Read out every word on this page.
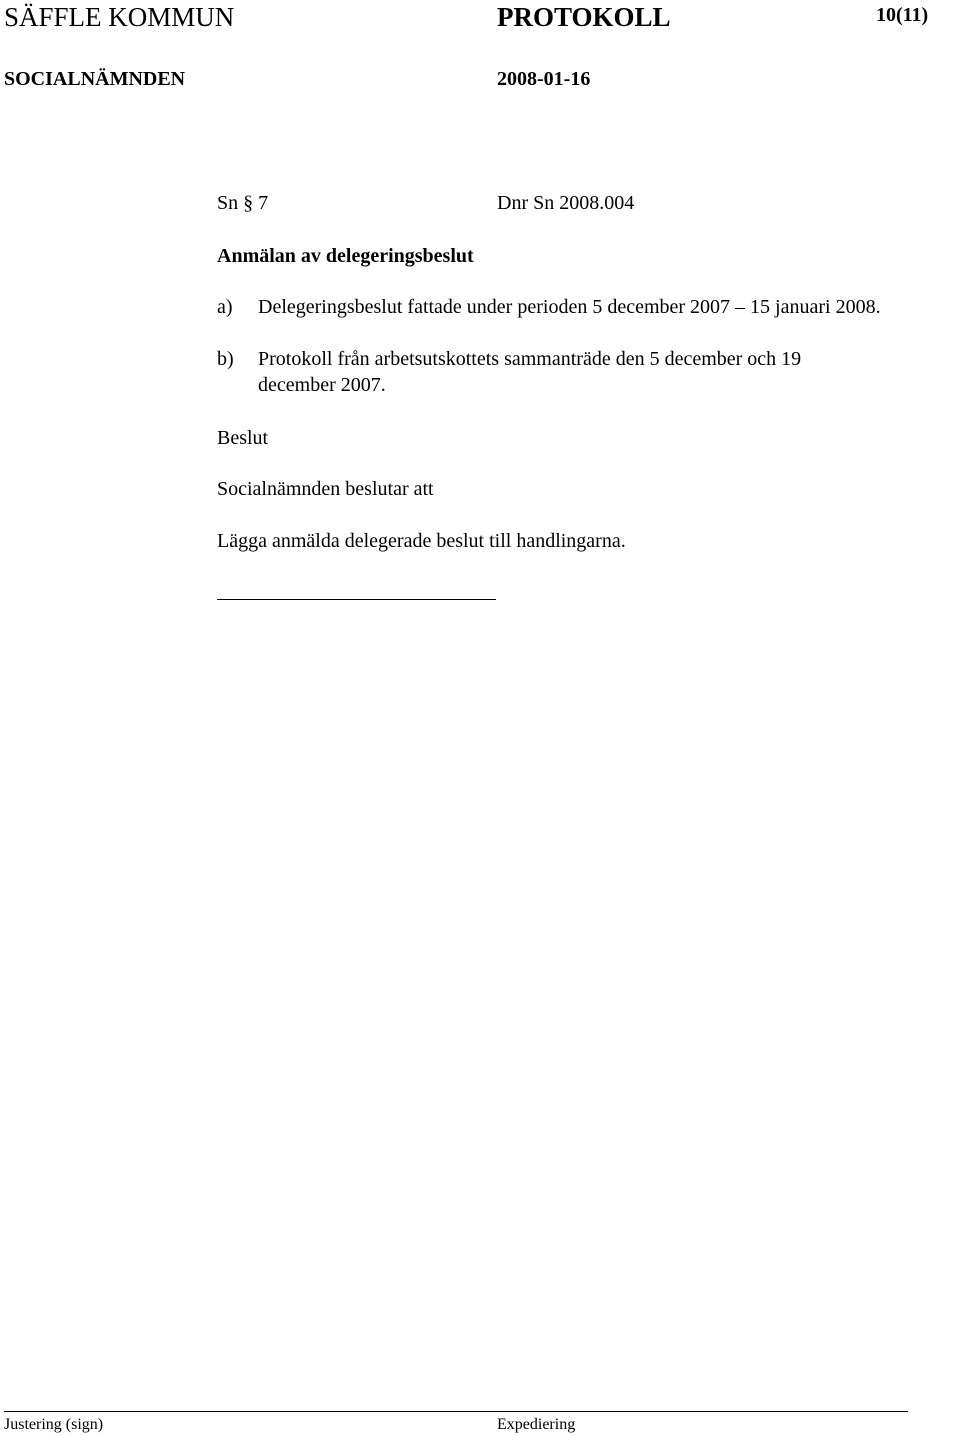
SÄFFLE KOMMUN	PROTOKOLL	10(11)
SOCIALNÄMNDEN	2008-01-16
Sn § 7	Dnr Sn 2008.004
Anmälan av delegeringsbeslut
a) Delegeringsbeslut fattade under perioden 5 december 2007 – 15 januari 2008.
b) Protokoll från arbetsutskottets sammanträde den 5 december och 19
december 2007.
Beslut
Socialnämnden beslutar att
Lägga anmälda delegerade beslut till handlingarna.
Justering (sign)	Expediering
